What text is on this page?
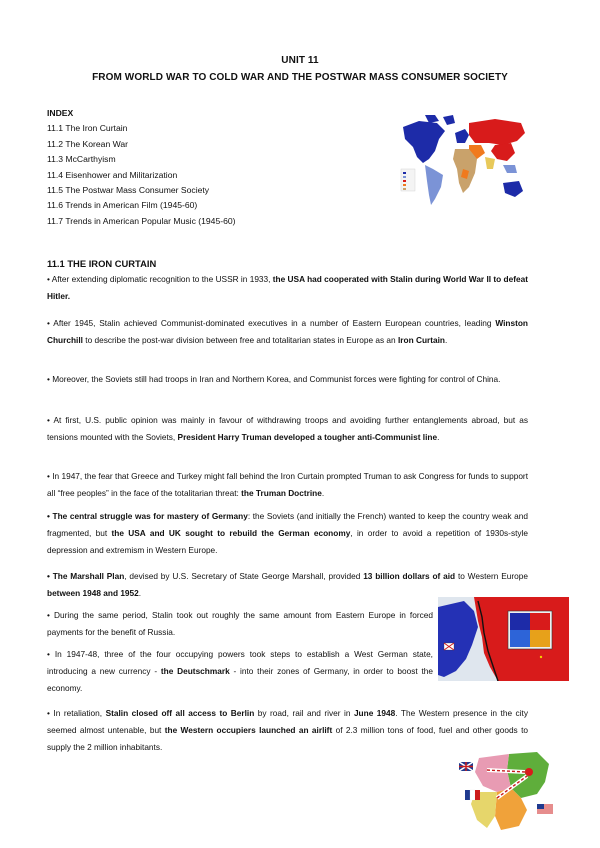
UNIT 11
FROM WORLD WAR TO COLD WAR AND THE POSTWAR MASS CONSUMER SOCIETY
INDEX
11.1 The Iron Curtain
11.2 The Korean War
11.3 McCarthyism
11.4 Eisenhower and Militarization
11.5 The Postwar Mass Consumer Society
11.6 Trends in American Film (1945-60)
11.7 Trends in American Popular Music (1945-60)
11.1 THE IRON CURTAIN
• After extending diplomatic recognition to the USSR in 1933, the USA had cooperated with Stalin during World War II to defeat Hitler.
• After 1945, Stalin achieved Communist-dominated executives in a number of Eastern European countries, leading Winston Churchill to describe the post-war division between free and totalitarian states in Europe as an Iron Curtain.
• Moreover, the Soviets still had troops in Iran and Northern Korea, and Communist forces were fighting for control of China.
• At first, U.S. public opinion was mainly in favour of withdrawing troops and avoiding further entanglements abroad, but as tensions mounted with the Soviets, President Harry Truman developed a tougher anti-Communist line.
• In 1947, the fear that Greece and Turkey might fall behind the Iron Curtain prompted Truman to ask Congress for funds to support all “free peoples” in the face of the totalitarian threat: the Truman Doctrine.
• The central struggle was for mastery of Germany: the Soviets (and initially the French) wanted to keep the country weak and fragmented, but the USA and UK sought to rebuild the German economy, in order to avoid a repetition of 1930s-style depression and extremism in Western Europe.
• The Marshall Plan, devised by U.S. Secretary of State George Marshall, provided 13 billion dollars of aid to Western Europe between 1948 and 1952.
• During the same period, Stalin took out roughly the same amount from Eastern Europe in forced payments for the benefit of Russia.
• In 1947-48, three of the four occupying powers took steps to establish a West German state, introducing a new currency - the Deutschmark - into their zones of Germany, in order to boost the economy.
• In retaliation, Stalin closed off all access to Berlin by road, rail and river in June 1948. The Western presence in the city seemed almost untenable, but the Western occupiers launched an airlift of 2.3 million tons of food, fuel and other goods to supply the 2 million inhabitants.
